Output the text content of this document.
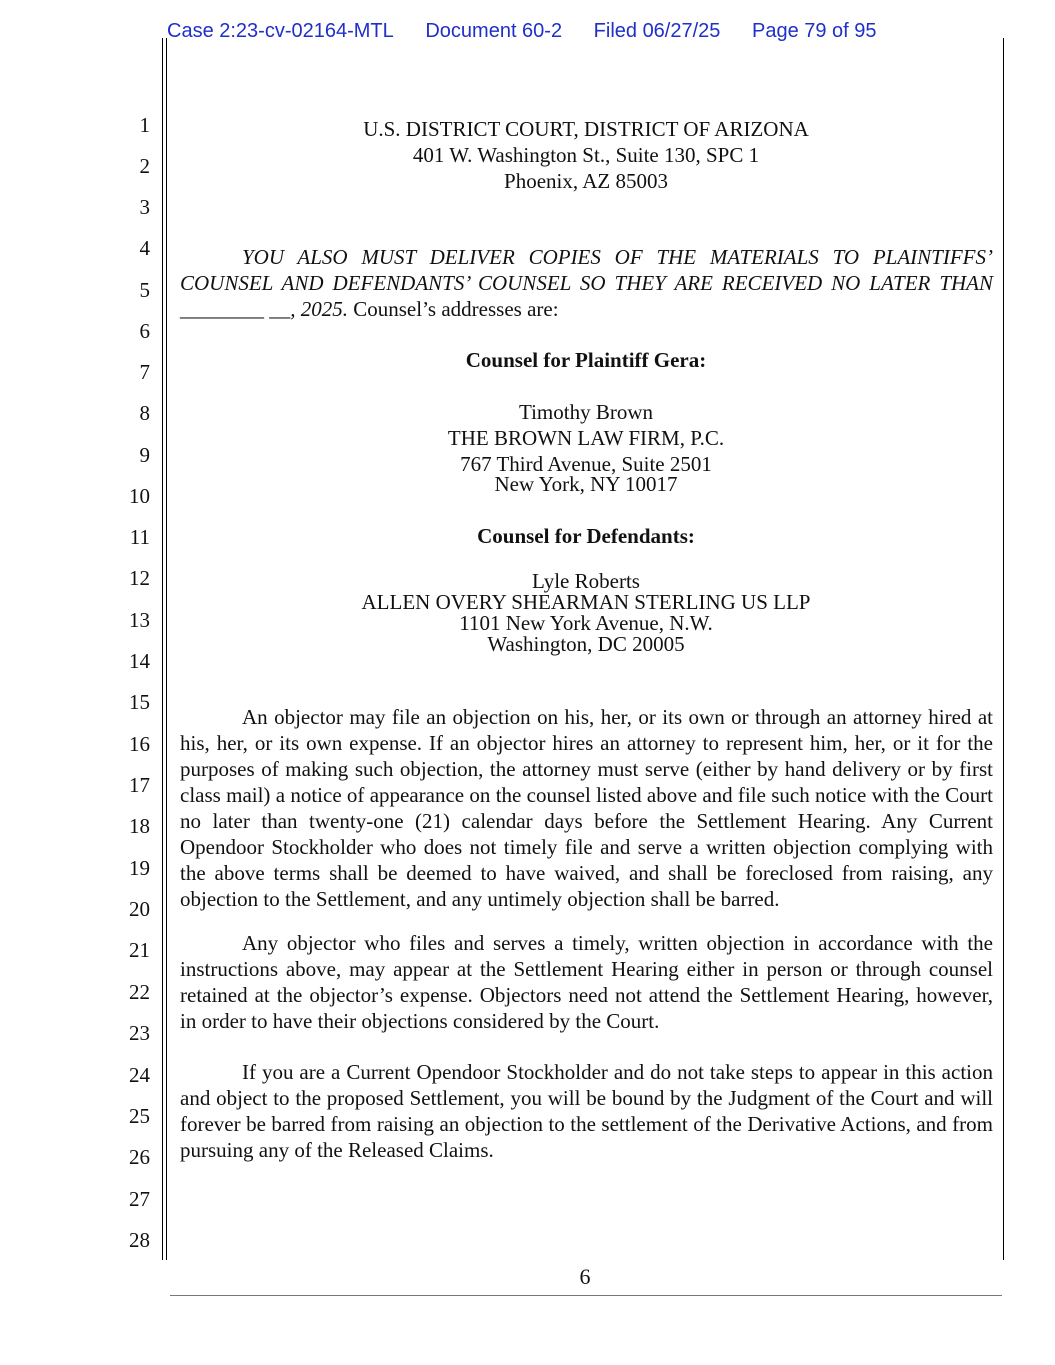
Case 2:23-cv-02164-MTL Document 60-2 Filed 06/27/25 Page 79 of 95
1
2
3
4
5
6
7
8
9
10
11
12
13
14
15
16
17
18
19
20
21
22
23
24
25
26
27
28
U.S. DISTRICT COURT, DISTRICT OF ARIZONA
401 W. Washington St., Suite 130, SPC 1
Phoenix, AZ 85003

YOU ALSO MUST DELIVER COPIES OF THE MATERIALS TO PLAINTIFFS’ COUNSEL AND DEFENDANTS’ COUNSEL SO THEY ARE RECEIVED NO LATER THAN ________ __, 2025. Counsel’s addresses are:

Counsel for Plaintiff Gera:
Timothy Brown
THE BROWN LAW FIRM, P.C.
767 Third Avenue, Suite 2501
New York, NY 10017
Counsel for Defendants:
Lyle Roberts
ALLEN OVERY SHEARMAN STERLING US LLP
1101 New York Avenue, N.W.
Washington, DC 20005

An objector may file an objection on his, her, or its own or through an attorney hired at his, her, or its own expense. If an objector hires an attorney to represent him, her, or it for the purposes of making such objection, the attorney must serve (either by hand delivery or by first class mail) a notice of appearance on the counsel listed above and file such notice with the Court no later than twenty-one (21) calendar days before the Settlement Hearing. Any Current Opendoor Stockholder who does not timely file and serve a written objection complying with the above terms shall be deemed to have waived, and shall be foreclosed from raising, any objection to the Settlement, and any untimely objection shall be barred.

Any objector who files and serves a timely, written objection in accordance with the instructions above, may appear at the Settlement Hearing either in person or through counsel retained at the objector’s expense. Objectors need not attend the Settlement Hearing, however, in order to have their objections considered by the Court.

If you are a Current Opendoor Stockholder and do not take steps to appear in this action and object to the proposed Settlement, you will be bound by the Judgment of the Court and will forever be barred from raising an objection to the settlement of the Derivative Actions, and from pursuing any of the Released Claims.

6
